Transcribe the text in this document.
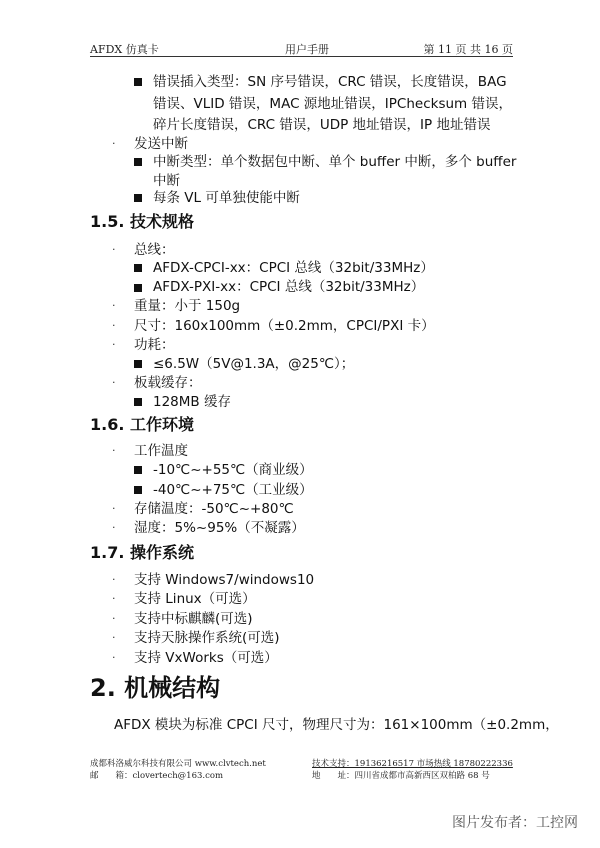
AFDX 仿真卡	用户手册	第 11 页 共 16 页
错误插入类型：SN 序号错误，CRC 错误，长度错误，BAG
错误、VLID 错误，MAC 源地址错误，IPChecksum 错误，
碎片长度错误，CRC 错误，UDP 地址错误，IP 地址错误
· 发送中断
中断类型：单个数据包中断、单个 buffer 中断，多个 buffer
中断
每条 VL 可单独使能中断
1.5. 技术规格
· 总线：
AFDX-CPCI-xx：CPCI 总线（32bit/33MHz）
AFDX-PXI-xx：CPCI 总线（32bit/33MHz）
· 重量：小于 150g
· 尺寸：160x100mm（±0.2mm，CPCI/PXI 卡）
· 功耗：
≤6.5W（5V@1.3A，@25℃）；
· 板载缓存：
128MB 缓存
1.6. 工作环境
· 工作温度
-10℃~+55℃（商业级）
-40℃~+75℃（工业级）
· 存储温度：-50℃~+80℃
· 湿度：5%~95%（不凝露）
1.7. 操作系统
· 支持 Windows7/windows10
· 支持 Linux（可选）
· 支持中标麒麟(可选)
· 支持天脉操作系统(可选)
· 支持 VxWorks（可选）
2. 机械结构
AFDX 模块为标准 CPCI 尺寸，物理尺寸为：161×100mm（±0.2mm，
成都科洛威尔科技有限公司 www.clvtech.net	技术支持：19136216517 市场热线 18780222336
邮　　箱：clovertech@163.com	地　　址：四川省成都市高新西区双柏路 68 号
图片发布者：工控网
